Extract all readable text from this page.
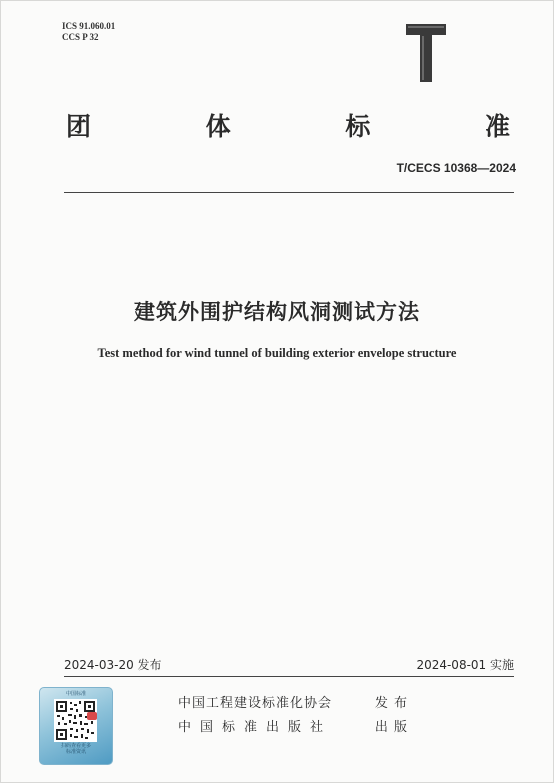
ICS 91.060.01
CCS P 32
团	体	标	准
T/CECS 10368—2024
建筑外围护结构风洞测试方法
Test method for wind tunnel of building exterior envelope structure
2024-03-20 发布	2024-08-01 实施
中国工程建设标准化协会	发 布
中国标准出版社	出 版
中国标准
扫码查看更多
标准资讯
